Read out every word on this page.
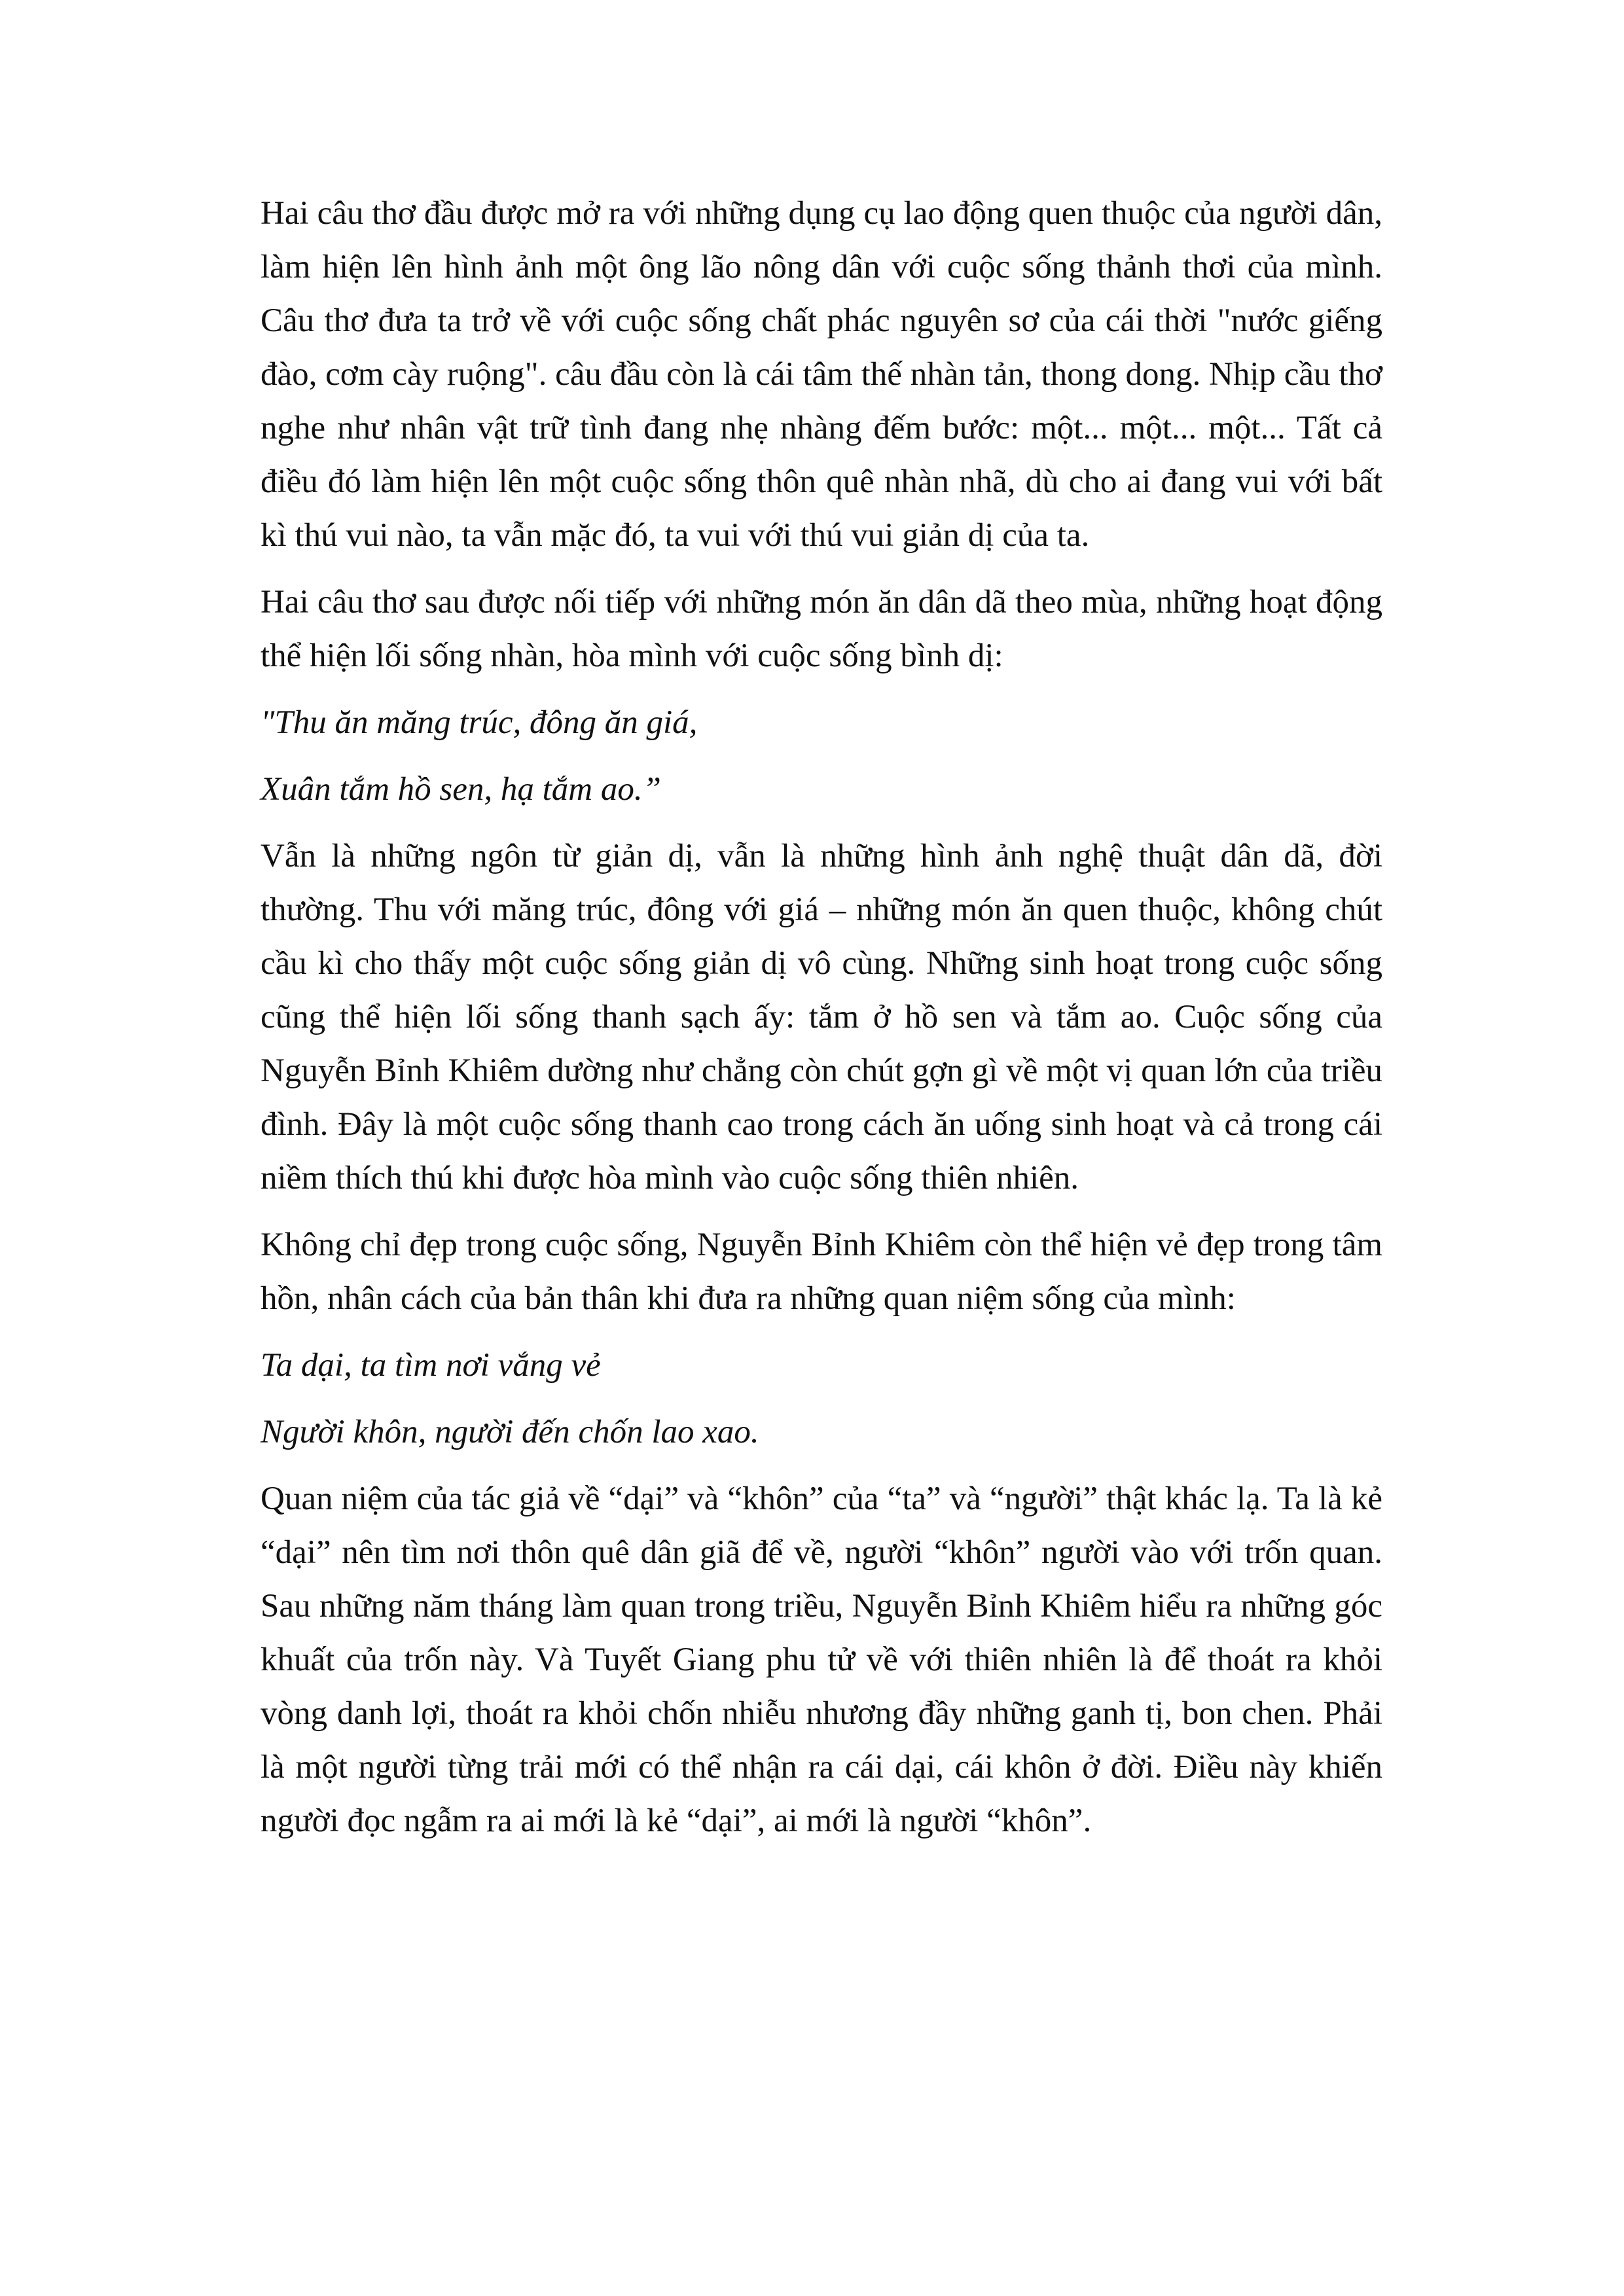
Hai câu thơ đầu được mở ra với những dụng cụ lao động quen thuộc của người dân, làm hiện lên hình ảnh một ông lão nông dân với cuộc sống thảnh thơi của mình. Câu thơ đưa ta trở về với cuộc sống chất phác nguyên sơ của cái thời "nước giếng đào, cơm cày ruộng". câu đầu còn là cái tâm thế nhàn tản, thong dong. Nhịp cầu thơ nghe như nhân vật trữ tình đang nhẹ nhàng đếm bước: một... một... một... Tất cả điều đó làm hiện lên một cuộc sống thôn quê nhàn nhã, dù cho ai đang vui với bất kì thú vui nào, ta vẫn mặc đó, ta vui với thú vui giản dị của ta.

Hai câu thơ sau được nối tiếp với những món ăn dân dã theo mùa, những hoạt động thể hiện lối sống nhàn, hòa mình với cuộc sống bình dị:

"Thu ăn măng trúc, đông ăn giá,

Xuân tắm hồ sen, hạ tắm ao.”

Vẫn là những ngôn từ giản dị, vẫn là những hình ảnh nghệ thuật dân dã, đời thường. Thu với măng trúc, đông với giá – những món ăn quen thuộc, không chút cầu kì cho thấy một cuộc sống giản dị vô cùng. Những sinh hoạt trong cuộc sống cũng thể hiện lối sống thanh sạch ấy: tắm ở hồ sen và tắm ao. Cuộc sống của Nguyễn Bỉnh Khiêm dường như chẳng còn chút gợn gì về một vị quan lớn của triều đình. Đây là một cuộc sống thanh cao trong cách ăn uống sinh hoạt và cả trong cái niềm thích thú khi được hòa mình vào cuộc sống thiên nhiên.

Không chỉ đẹp trong cuộc sống, Nguyễn Bỉnh Khiêm còn thể hiện vẻ đẹp trong tâm hồn, nhân cách của bản thân khi đưa ra những quan niệm sống của mình:

Ta dại, ta tìm nơi vắng vẻ

Người khôn, người đến chốn lao xao.

Quan niệm của tác giả về “dại” và “khôn” của “ta” và “người” thật khác lạ. Ta là kẻ “dại” nên tìm nơi thôn quê dân giã để về, người “khôn” người vào với trốn quan. Sau những năm tháng làm quan trong triều, Nguyễn Bỉnh Khiêm hiểu ra những góc khuất của trốn này. Và Tuyết Giang phu tử về với thiên nhiên là để thoát ra khỏi vòng danh lợi, thoát ra khỏi chốn nhiễu nhương đầy những ganh tị, bon chen. Phải là một người từng trải mới có thể nhận ra cái dại, cái khôn ở đời. Điều này khiến người đọc ngẫm ra ai mới là kẻ “dại”, ai mới là người “khôn”.
